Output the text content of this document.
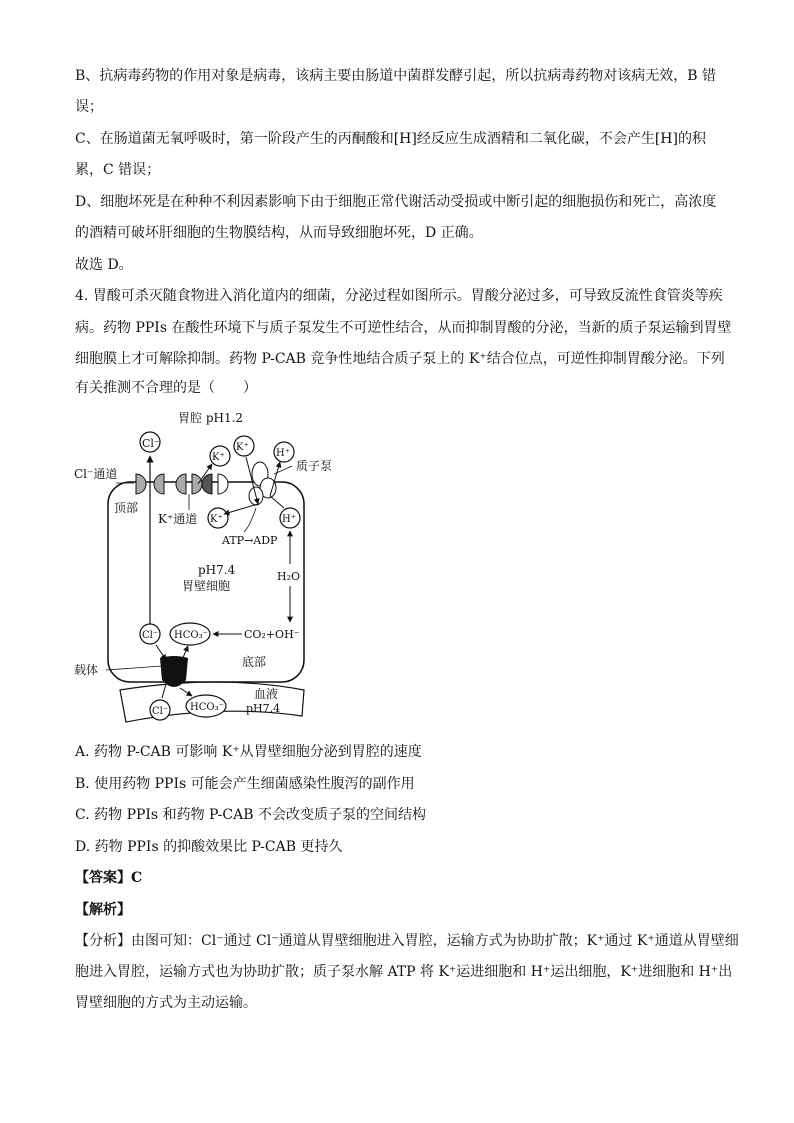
B、抗病毒药物的作用对象是病毒，该病主要由肠道中菌群发酵引起，所以抗病毒药物对该病无效，B 错
误；
C、在肠道菌无氧呼吸时，第一阶段产生的丙酮酸和[H]经反应生成酒精和二氧化碳，不会产生[H]的积
累，C 错误；
D、细胞坏死是在种种不利因素影响下由于细胞正常代谢活动受损或中断引起的细胞损伤和死亡，高浓度
的酒精可破坏肝细胞的生物膜结构，从而导致细胞坏死，D 正确。
故选 D。
4. 胃酸可杀灭随食物进入消化道内的细菌，分泌过程如图所示。胃酸分泌过多，可导致反流性食管炎等疾
病。药物 PPIs 在酸性环境下与质子泵发生不可逆性结合，从而抑制胃酸的分泌，当新的质子泵运输到胃壁
细胞膜上才可解除抑制。药物 P-CAB 竞争性地结合质子泵上的 K⁺结合位点，可逆性抑制胃酸分泌。下列
有关推测不合理的是（　　）
胃腔 pH1.2
Cl⁻
Cl⁻通道
顶部
K⁺通道
K⁺
K⁺
质子泵
K⁺
H⁺
H⁺
ATP→ADP
H₂O
pH7.4
胃壁细胞
Cl⁻ HCO₃⁻	CO₂+OH⁻
底部
载体
血液
pH7.4
Cl⁻ HCO₃⁻
A. 药物 P-CAB 可影响 K⁺从胃壁细胞分泌到胃腔的速度
B. 使用药物 PPIs 可能会产生细菌感染性腹泻的副作用
C. 药物 PPIs 和药物 P-CAB 不会改变质子泵的空间结构
D. 药物 PPIs 的抑酸效果比 P-CAB 更持久
【答案】C
【解析】
【分析】由图可知：Cl⁻通过 Cl⁻通道从胃壁细胞进入胃腔，运输方式为协助扩散；K⁺通过 K⁺通道从胃壁细
胞进入胃腔，运输方式也为协助扩散；质子泵水解 ATP 将 K⁺运进细胞和 H⁺运出细胞，K⁺进细胞和 H⁺出
胃壁细胞的方式为主动运输。
